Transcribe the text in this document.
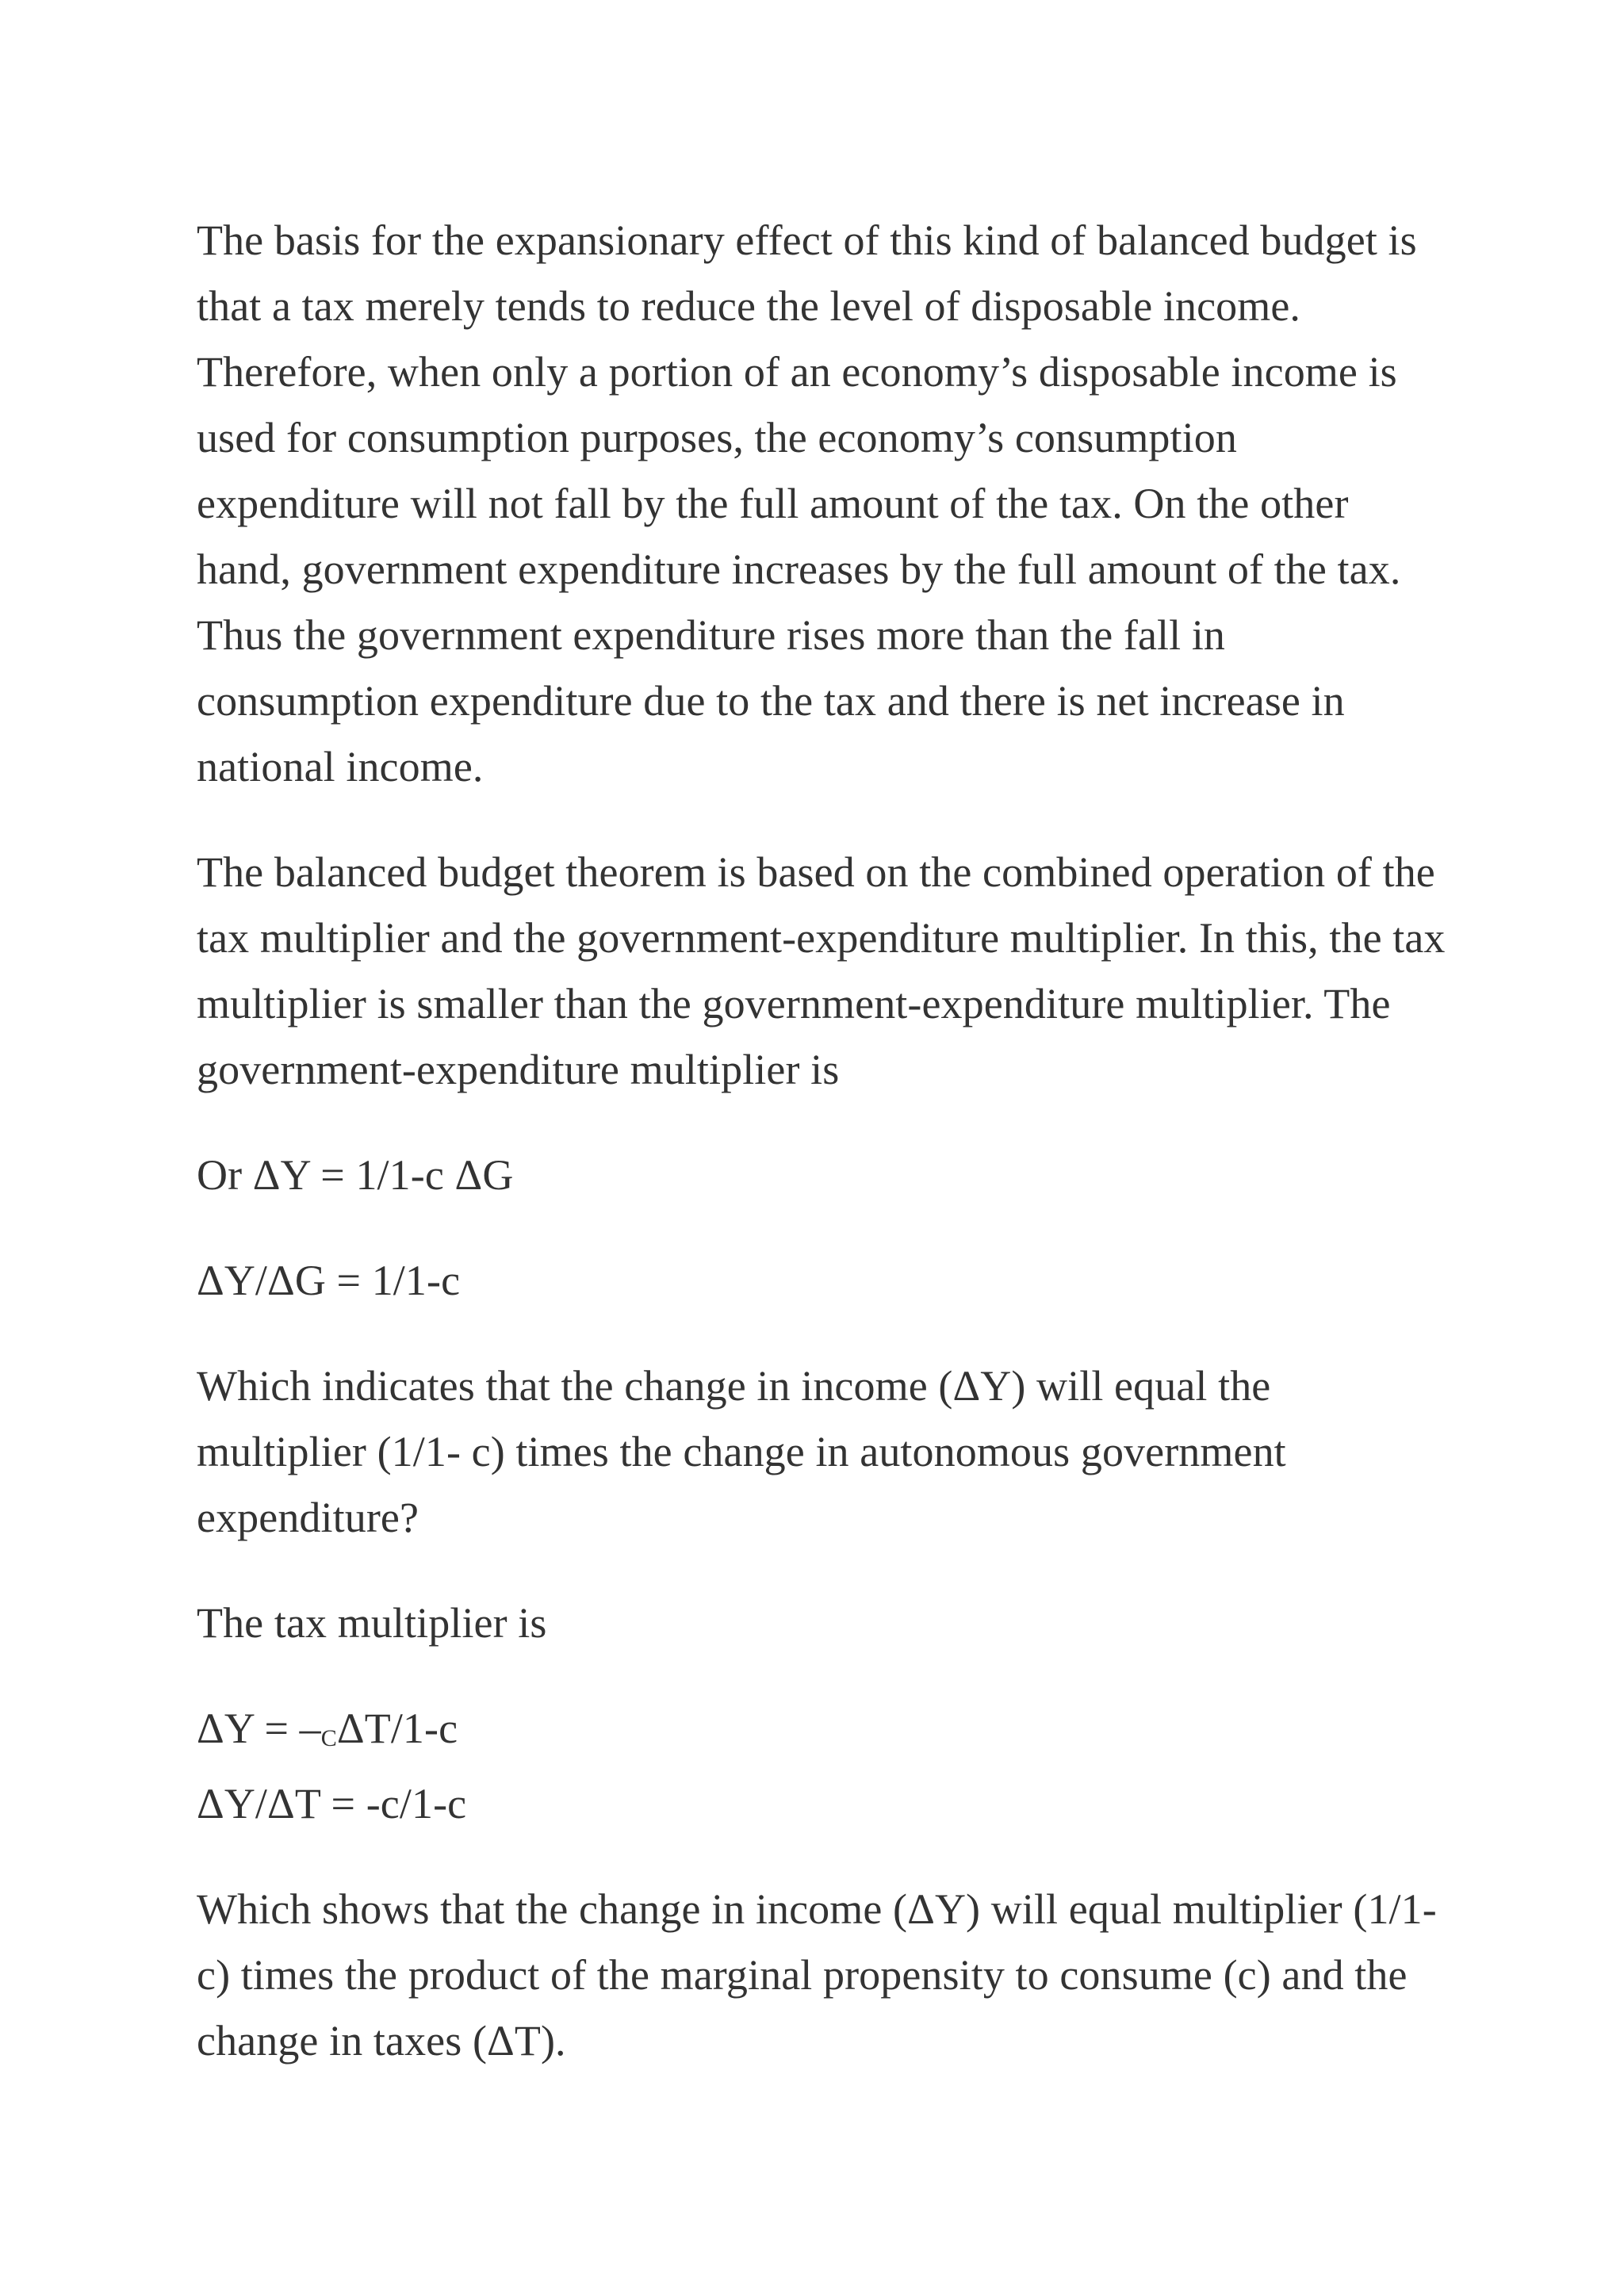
The basis for the expansionary effect of this kind of balanced budget is that a tax merely tends to reduce the level of disposable income. Therefore, when only a portion of an economy’s disposable income is used for consumption purposes, the economy’s consumption expenditure will not fall by the full amount of the tax. On the other hand, government expenditure increases by the full amount of the tax. Thus the government expenditure rises more than the fall in consumption expenditure due to the tax and there is net increase in national income.

The balanced budget theorem is based on the combined operation of the tax multiplier and the government-expenditure multiplier. In this, the tax multiplier is smaller than the government-expenditure multiplier. The government-expenditure multiplier is

Or ΔY = 1/1-c ΔG

ΔY/ΔG = 1/1-c

Which indicates that the change in income (ΔY) will equal the multiplier (1/1- c) times the change in autonomous government expenditure?

The tax multiplier is

ΔY = –CΔT/1-c
ΔY/ΔT = -c/1-c

Which shows that the change in income (ΔY) will equal multiplier (1/1- c) times the product of the marginal propensity to consume (c) and the change in taxes (ΔT).
